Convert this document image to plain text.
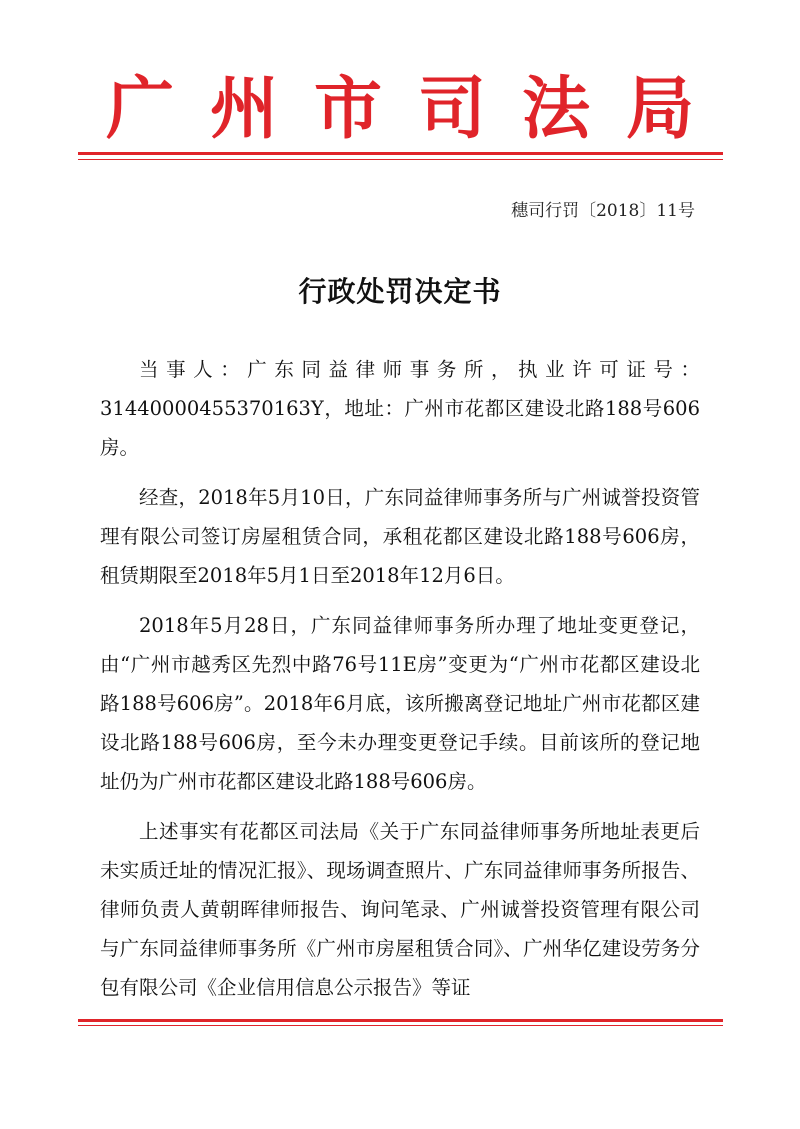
广州市司法局
穗司行罚〔2018〕11号
行政处罚决定书

当事人：广东同益律师事务所，执业许可证号：31440000455370163Y，地址：广州市花都区建设北路188号606房。

经查，2018年5月10日，广东同益律师事务所与广州诚誉投资管理有限公司签订房屋租赁合同，承租花都区建设北路188号606房，租赁期限至2018年5月1日至2018年12月6日。

2018年5月28日，广东同益律师事务所办理了地址变更登记，由“广州市越秀区先烈中路76号11E房”变更为“广州市花都区建设北路188号606房”。2018年6月底，该所搬离登记地址广州市花都区建设北路188号606房，至今未办理变更登记手续。目前该所的登记地址仍为广州市花都区建设北路188号606房。

上述事实有花都区司法局《关于广东同益律师事务所地址表更后未实质迁址的情况汇报》、现场调查照片、广东同益律师事务所报告、律师负责人黄朝晖律师报告、询问笔录、广州诚誉投资管理有限公司与广东同益律师事务所《广州市房屋租赁合同》、广州华亿建设劳务分包有限公司《企业信用信息公示报告》等证
